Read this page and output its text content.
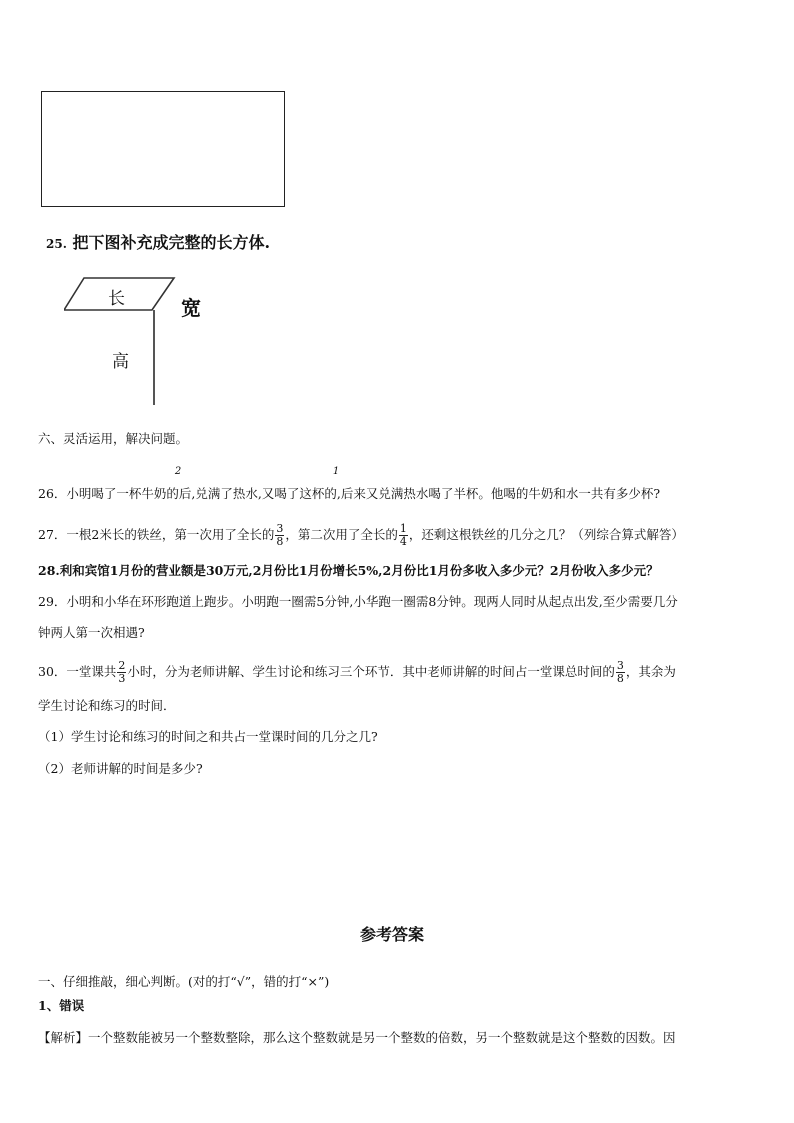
25. 把下图补充成完整的长方体.
长	宽
高
六、灵活运用，解决问题。
26．小明喝了一杯牛奶的
2
后,兑满了热水,又喝了这杯的
1
,后来又兑满热水喝了半杯。他喝的牛奶和水一共有多少杯?
27．一根2米长的铁丝，第一次用了全长的 $\frac{3}{8}$ ，第二次用了全长的 $\frac{1}{4}$ ，还剩这根铁丝的几分之几？（列综合算式解答）
28.利和宾馆1月份的营业额是30万元,2月份比1月份增长5%,2月份比1月份多收入多少元？2月份收入多少元？
29．小明和小华在环形跑道上跑步。小明跑一圈需5分钟,小华跑一圈需8分钟。现两人同时从起点出发,至少需要几分
钟两人第一次相遇?
30．一堂课共 $\frac{2}{3}$ 小时，分为老师讲解、学生讨论和练习三个环节．其中老师讲解的时间占一堂课总时间的 $\frac{3}{8}$ ，其余为
学生讨论和练习的时间．
（1）学生讨论和练习的时间之和共占一堂课时间的几分之几?
（2）老师讲解的时间是多少?
参考答案
一、仔细推敲，细心判断。(对的打“√”，错的打“×”)
1、错误
【解析】一个整数能被另一个整数整除，那么这个整数就是另一个整数的倍数，另一个整数就是这个整数的因数。因
